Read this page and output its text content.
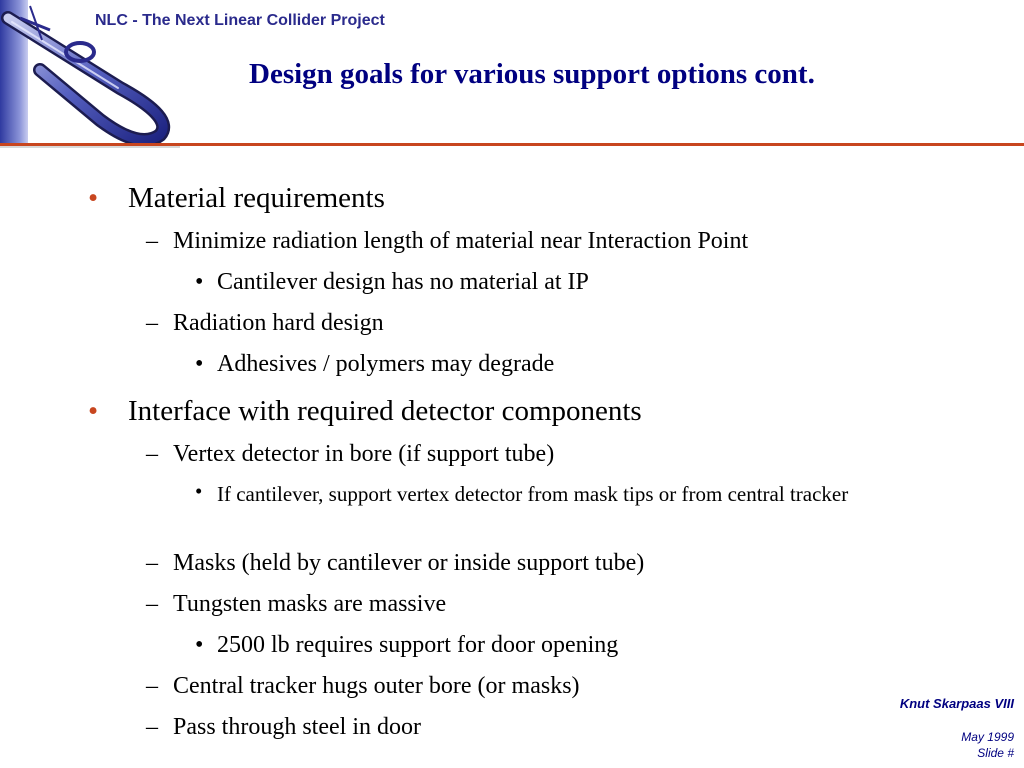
NLC - The Next Linear Collider Project
Design goals for various support options cont.
• Material requirements
– Minimize radiation length of material near Interaction Point
• Cantilever design has no material at IP
– Radiation hard design
• Adhesives / polymers may degrade
• Interface with required detector components
– Vertex detector in bore (if support tube)
• If cantilever, support vertex detector from mask tips or from central tracker
– Masks (held by cantilever or inside support tube)
– Tungsten masks are massive
• 2500 lb requires support for door opening
– Central tracker hugs outer bore (or masks)
– Pass through steel in door
Knut Skarpaas VIII
May 1999
Slide #
